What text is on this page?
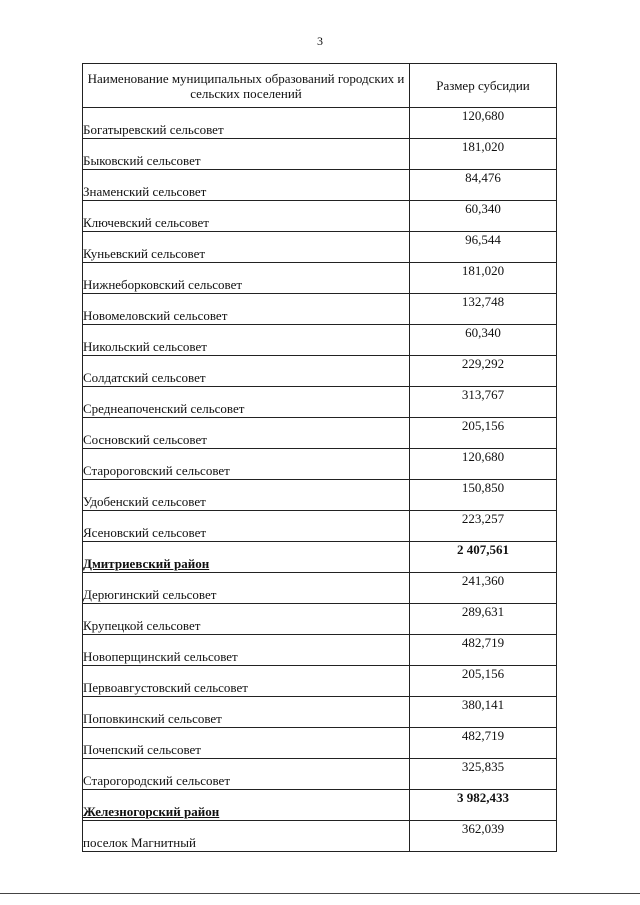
3
Наименование муниципальных образований городских и сельских поселений	Размер субсидии
Богатыревский сельсовет	120,680
Быковский сельсовет	181,020
Знаменский сельсовет	84,476
Ключевский сельсовет	60,340
Куньевский сельсовет	96,544
Нижнеборковский сельсовет	181,020
Новомеловский сельсовет	132,748
Никольский сельсовет	60,340
Солдатский сельсовет	229,292
Среднеапоченский сельсовет	313,767
Сосновский сельсовет	205,156
Старороговский сельсовет	120,680
Удобенский сельсовет	150,850
Ясеновский сельсовет	223,257
Дмитриевский район	2 407,561
Дерюгинский сельсовет	241,360
Крупецкой сельсовет	289,631
Новоперщинский сельсовет	482,719
Первоавгустовский сельсовет	205,156
Поповкинский сельсовет	380,141
Почепский сельсовет	482,719
Старогородский сельсовет	325,835
Железногорский район	3 982,433
поселок Магнитный	362,039
